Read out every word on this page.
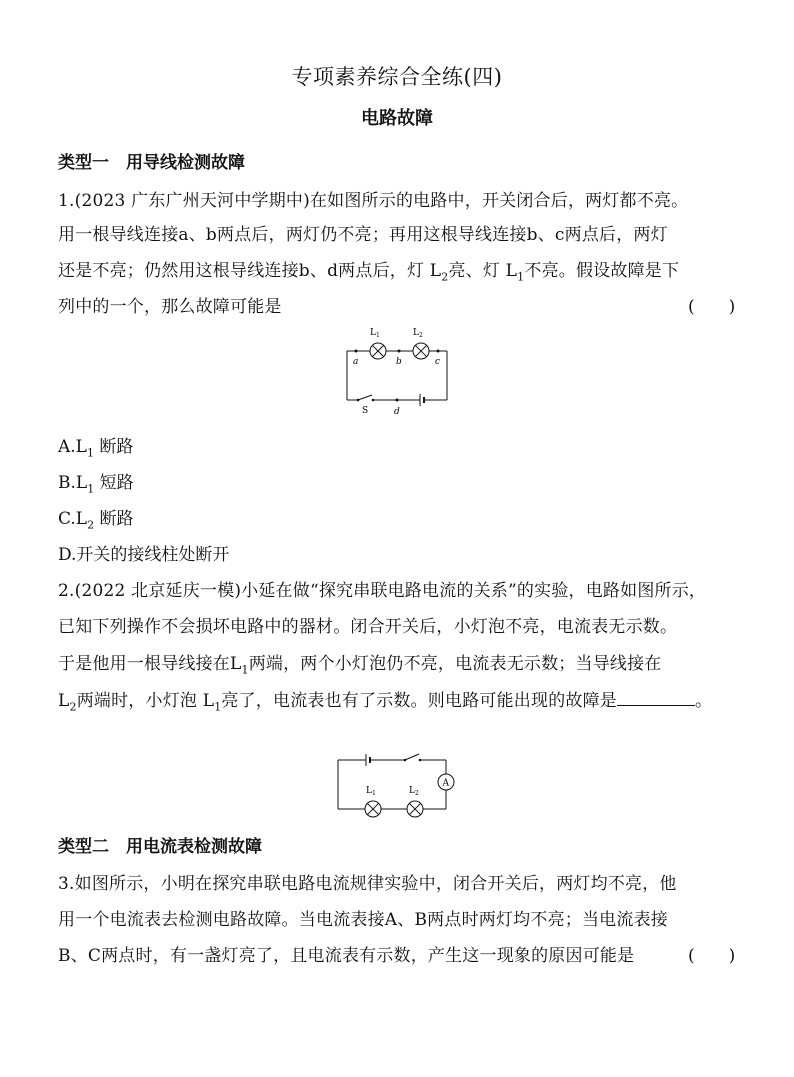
专项素养综合全练(四)
电路故障
类型一　用导线检测故障
1.(2023 广东广州天河中学期中)在如图所示的电路中，开关闭合后，两灯都不亮。
用一根导线连接a、b两点后，两灯仍不亮；再用这根导线连接b、c两点后，两灯
还是不亮；仍然用这根导线连接b、d两点后，灯 $L_2$亮、灯 $L_1$不亮。假设故障是下
列中的一个，那么故障可能是	(　　)
$L_1$	$L_2$
a	b	c
S	d
$A.L_1$ 断路
$B.L_1$ 短路
$C.L_2$ 断路
D.开关的接线柱处断开
2.(2022 北京延庆一模)小延在做“探究串联电路电流的关系”的实验，电路如图所示，
已知下列操作不会损坏电路中的器材。闭合开关后，小灯泡不亮，电流表无示数。
于是他用一根导线接在$L_1$两端，两个小灯泡仍不亮，电流表无示数；当导线接在
$L_2$两端时，小灯泡 $L_1$亮了，电流表也有了示数。则电路可能出现的故障是	。
A
$L_1$	$L_2$
类型二　用电流表检测故障
3.如图所示，小明在探究串联电路电流规律实验中，闭合开关后，两灯均不亮，他
用一个电流表去检测电路故障。当电流表接A、B两点时两灯均不亮；当电流表接
B、C两点时，有一盏灯亮了，且电流表有示数，产生这一现象的原因可能是	(　　)
